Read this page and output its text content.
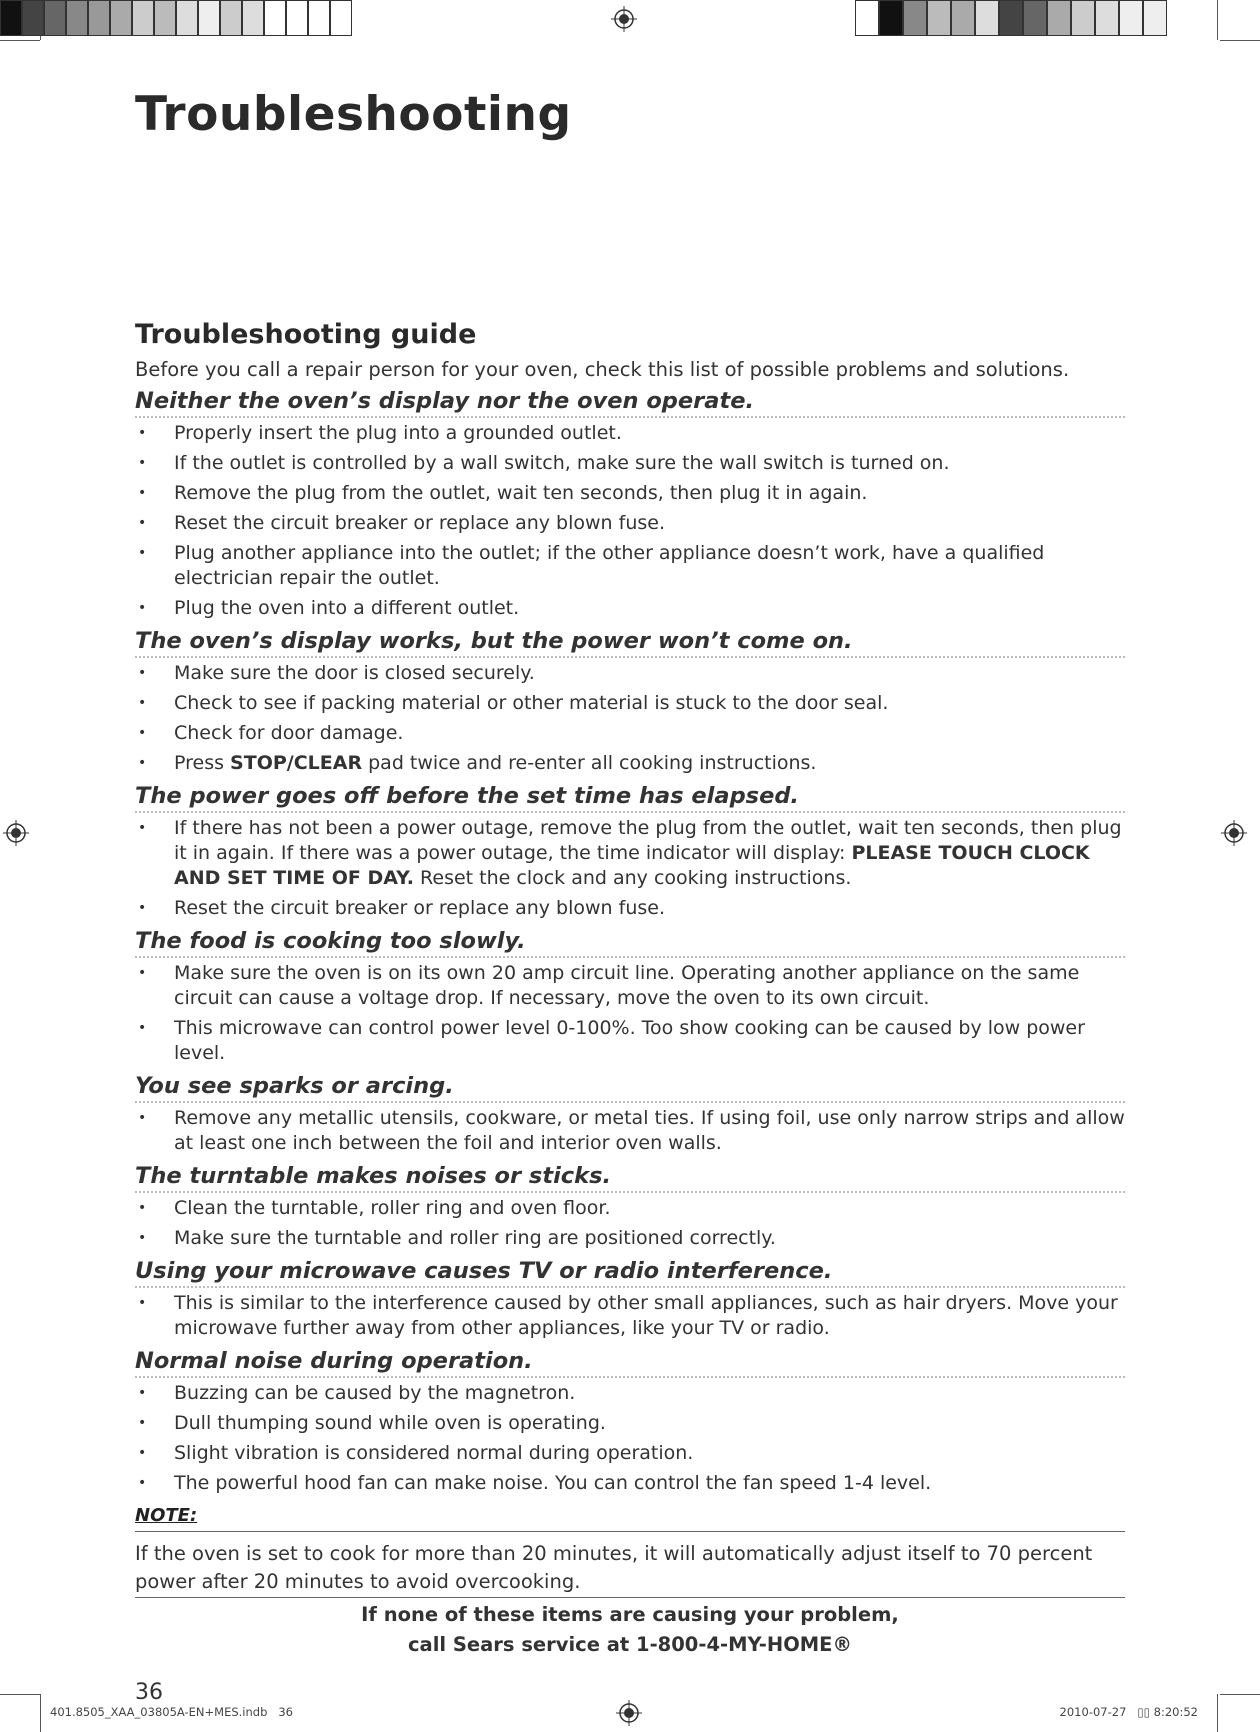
Troubleshooting
Troubleshooting guide
Before you call a repair person for your oven, check this list of possible problems and solutions.
Neither the oven’s display nor the oven operate.
• Properly insert the plug into a grounded outlet.
• If the outlet is controlled by a wall switch, make sure the wall switch is turned on.
• Remove the plug from the outlet, wait ten seconds, then plug it in again.
• Reset the circuit breaker or replace any blown fuse.
• Plug another appliance into the outlet; if the other appliance doesn’t work, have a qualified electrician repair the outlet.
• Plug the oven into a different outlet.
The oven’s display works, but the power won’t come on.
• Make sure the door is closed securely.
• Check to see if packing material or other material is stuck to the door seal.
• Check for door damage.
• Press STOP/CLEAR pad twice and re-enter all cooking instructions.
The power goes off before the set time has elapsed.
• If there has not been a power outage, remove the plug from the outlet, wait ten seconds, then plug it in again. If there was a power outage, the time indicator will display: PLEASE TOUCH CLOCK AND SET TIME OF DAY. Reset the clock and any cooking instructions.
• Reset the circuit breaker or replace any blown fuse.
The food is cooking too slowly.
• Make sure the oven is on its own 20 amp circuit line. Operating another appliance on the same circuit can cause a voltage drop. If necessary, move the oven to its own circuit.
• This microwave can control power level 0-100%. Too show cooking can be caused by low power level.
You see sparks or arcing.
• Remove any metallic utensils, cookware, or metal ties. If using foil, use only narrow strips and allow at least one inch between the foil and interior oven walls.
The turntable makes noises or sticks.
• Clean the turntable, roller ring and oven floor.
• Make sure the turntable and roller ring are positioned correctly.
Using your microwave causes TV or radio interference.
• This is similar to the interference caused by other small appliances, such as hair dryers. Move your microwave further away from other appliances, like your TV or radio.
Normal noise during operation.
• Buzzing can be caused by the magnetron.
• Dull thumping sound while oven is operating.
• Slight vibration is considered normal during operation.
• The powerful hood fan can make noise. You can control the fan speed 1-4 level.
NOTE:
If the oven is set to cook for more than 20 minutes, it will automatically adjust itself to 70 percent power after 20 minutes to avoid overcooking.
If none of these items are causing your problem,
call Sears service at 1-800-4-MY-HOME®
36
401.8505_XAA_03805A-EN+MES.indb   36	2010-07-27   ▯▯ 8:20:52
